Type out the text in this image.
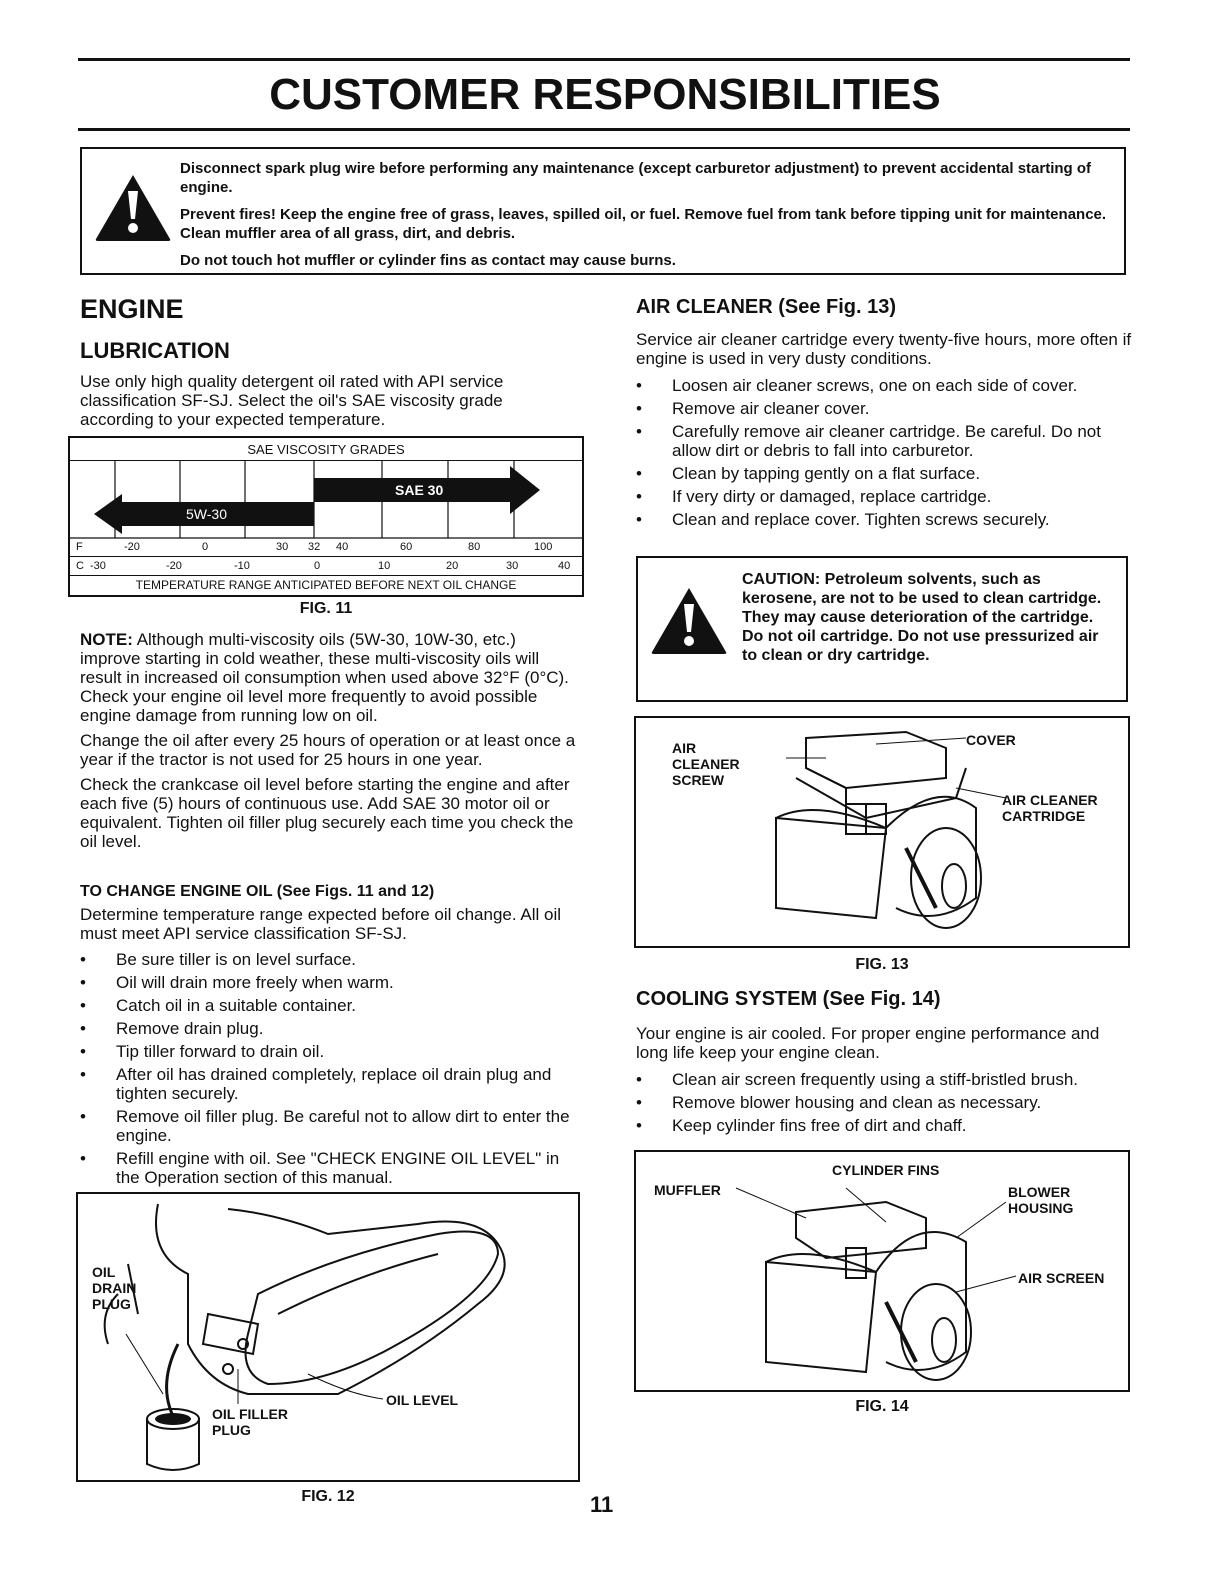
CUSTOMER RESPONSIBILITIES

Disconnect spark plug wire before performing any maintenance (except carburetor adjustment) to prevent accidental starting of engine.

Prevent fires! Keep the engine free of grass, leaves, spilled oil, or fuel. Remove fuel from tank before tipping unit for maintenance. Clean muffler area of all grass, dirt, and debris.

Do not touch hot muffler or cylinder fins as contact may cause burns.

ENGINE
LUBRICATION
Use only high quality detergent oil rated with API service classification SF-SJ. Select the oil's SAE viscosity grade according to your expected temperature.
SAE VISCOSITY GRADES
SAE 30
5W-30
F	-20	0	30 32 40	60	80	100
C -30	-20	-10	0	10	20	30	40
TEMPERATURE RANGE ANTICIPATED BEFORE NEXT OIL CHANGE
FIG. 11

NOTE: Although multi-viscosity oils (5W-30, 10W-30, etc.) improve starting in cold weather, these multi-viscosity oils will result in increased oil consumption when used above 32°F (0°C). Check your engine oil level more frequently to avoid possible engine damage from running low on oil.

Change the oil after every 25 hours of operation or at least once a year if the tractor is not used for 25 hours in one year.

Check the crankcase oil level before starting the engine and after each five (5) hours of continuous use. Add SAE 30 motor oil or equivalent. Tighten oil filler plug securely each time you check the oil level.

TO CHANGE ENGINE OIL (See Figs. 11 and 12)
Determine temperature range expected before oil change. All oil must meet API service classification SF-SJ.
• Be sure tiller is on level surface.
• Oil will drain more freely when warm.
• Catch oil in a suitable container.
• Remove drain plug.
• Tip tiller forward to drain oil.
• After oil has drained completely, replace oil drain plug and tighten securely.
• Remove oil filler plug. Be careful not to allow dirt to enter the engine.
• Refill engine with oil. See "CHECK ENGINE OIL LEVEL" in the Operation section of this manual.
OIL DRAIN PLUG
OIL FILLER PLUG
OIL LEVEL
FIG. 12
AIR CLEANER (See Fig. 13)
Service air cleaner cartridge every twenty-five hours, more often if engine is used in very dusty conditions.
• Loosen air cleaner screws, one on each side of cover.
• Remove air cleaner cover.
• Carefully remove air cleaner cartridge. Be careful. Do not allow dirt or debris to fall into carburetor.
• Clean by tapping gently on a flat surface.
• If very dirty or damaged, replace cartridge.
• Clean and replace cover. Tighten screws securely.
CAUTION: Petroleum solvents, such as kerosene, are not to be used to clean cartridge. They may cause deterioration of the cartridge. Do not oil cartridge. Do not use pressurized air to clean or dry cartridge.
AIR CLEANER SCREW
COVER
AIR CLEANER CARTRIDGE
FIG. 13
COOLING SYSTEM (See Fig. 14)
Your engine is air cooled. For proper engine performance and long life keep your engine clean.
• Clean air screen frequently using a stiff-bristled brush.
• Remove blower housing and clean as necessary.
• Keep cylinder fins free of dirt and chaff.
CYLINDER FINS
MUFFLER	BLOWER HOUSING
AIR SCREEN
FIG. 14
11
